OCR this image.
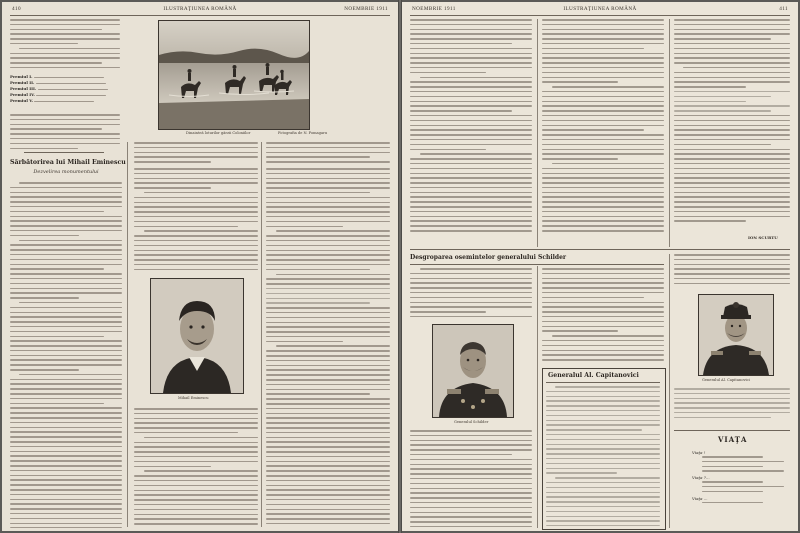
410	ILUSTRAŢIUNEA ROMÂNĂ	NOEMBRIE 1911
Premiul I.
Premiul II.
Premiul III.
Premiul IV.
Premiul V.
Dinainteă loturilor gărzii Coloniilor	Fotografia de N. Pomagaru
Sărbătorirea lui Mihail Eminescu
Dezvelirea monumentului
Mihail Eminescu
NOEMBRIE 1911	ILUSTRAŢIUNEA ROMÂNĂ	411
ION SCURTU
Desgroparea osemintelor generalului Schilder
Generalul Schilder
Generalul Al. Capitanovici
Generalul Al. Capitanovici
VIAŢA
Viaţa !
Viaţa ?...
Viaţa ...
